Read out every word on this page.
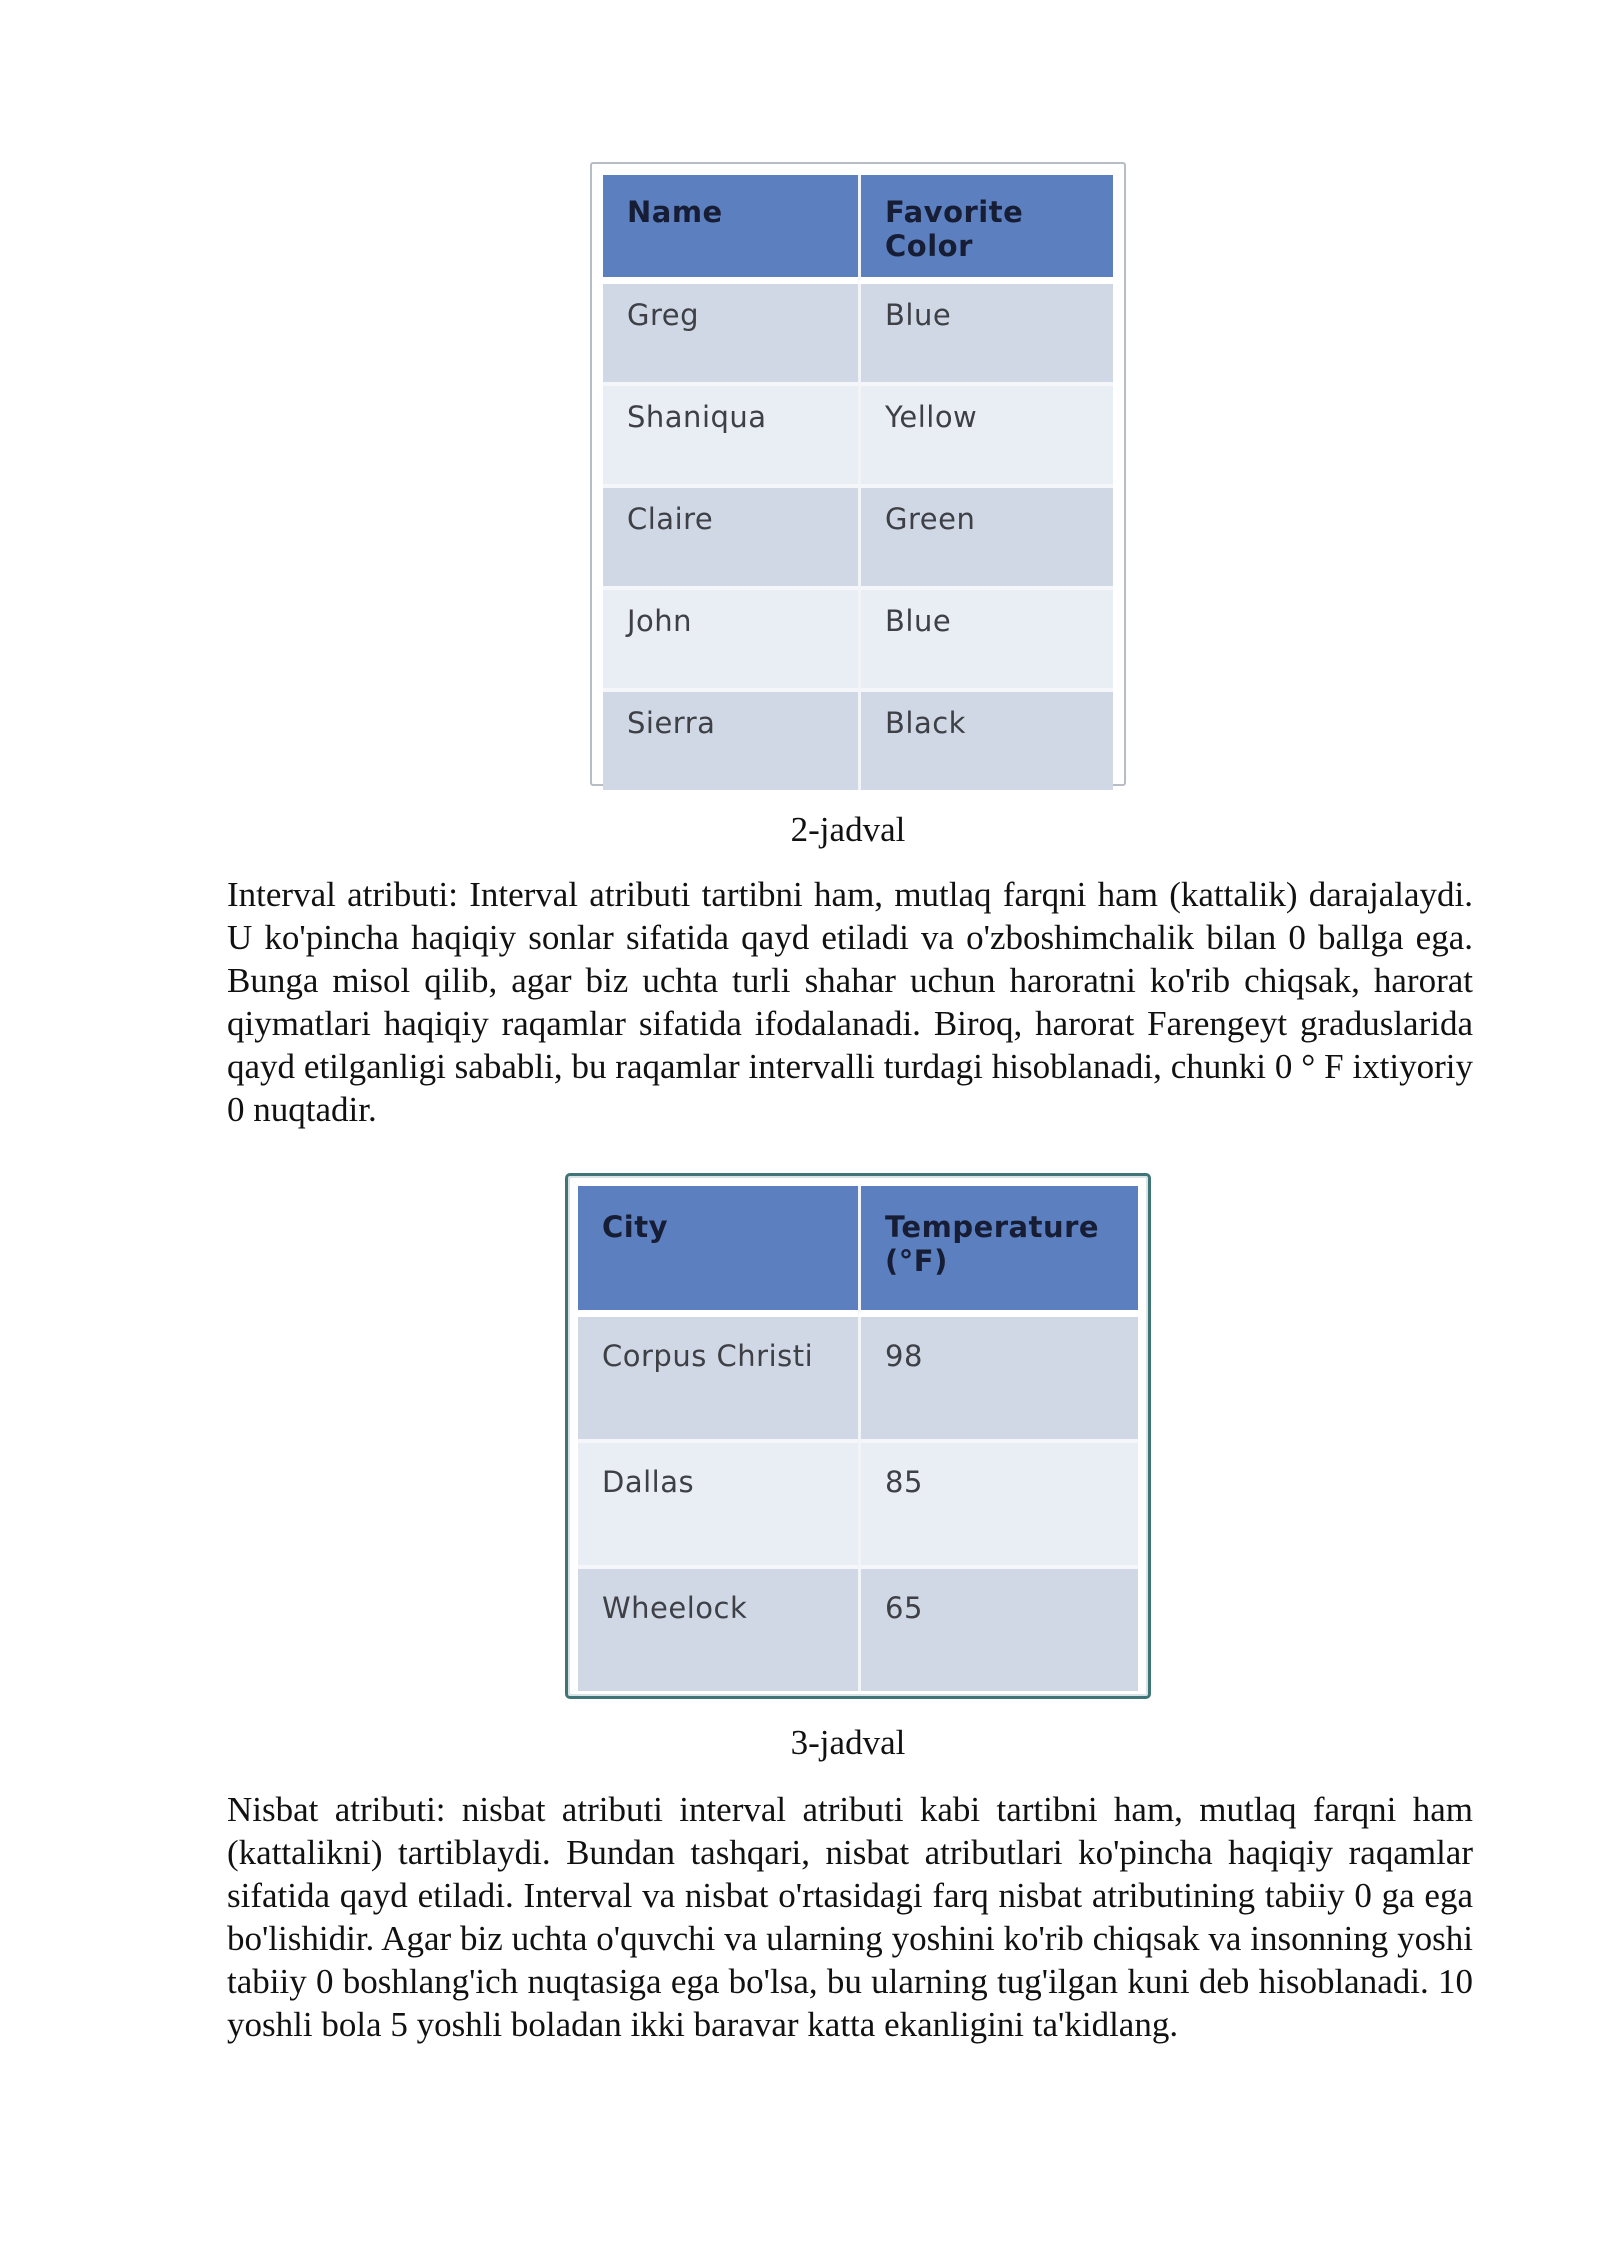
Name	Favorite Color
Greg	Blue
Shaniqua	Yellow
Claire	Green
John	Blue
Sierra	Black
2-jadval

Interval atributi: Interval atributi tartibni ham, mutlaq farqni ham (kattalik) darajalaydi. U ko'pincha haqiqiy sonlar sifatida qayd etiladi va o'zboshimchalik bilan 0 ballga ega. Bunga misol qilib, agar biz uchta turli shahar uchun haroratni ko'rib chiqsak, harorat qiymatlari haqiqiy raqamlar sifatida ifodalanadi. Biroq, harorat Farengeyt graduslarida qayd etilganligi sababli, bu raqamlar intervalli turdagi hisoblanadi, chunki 0 ° F ixtiyoriy 0 nuqtadir.

City	Temperature (°F)
Corpus Christi	98
Dallas	85
Wheelock	65
3-jadval

Nisbat atributi: nisbat atributi interval atributi kabi tartibni ham, mutlaq farqni ham (kattalikni) tartiblaydi. Bundan tashqari, nisbat atributlari ko'pincha haqiqiy raqamlar sifatida qayd etiladi. Interval va nisbat o'rtasidagi farq nisbat atributining tabiiy 0 ga ega bo'lishidir. Agar biz uchta o'quvchi va ularning yoshini ko'rib chiqsak va insonning yoshi tabiiy 0 boshlang'ich nuqtasiga ega bo'lsa, bu ularning tug'ilgan kuni deb hisoblanadi. 10 yoshli bola 5 yoshli boladan ikki baravar katta ekanligini ta'kidlang.
